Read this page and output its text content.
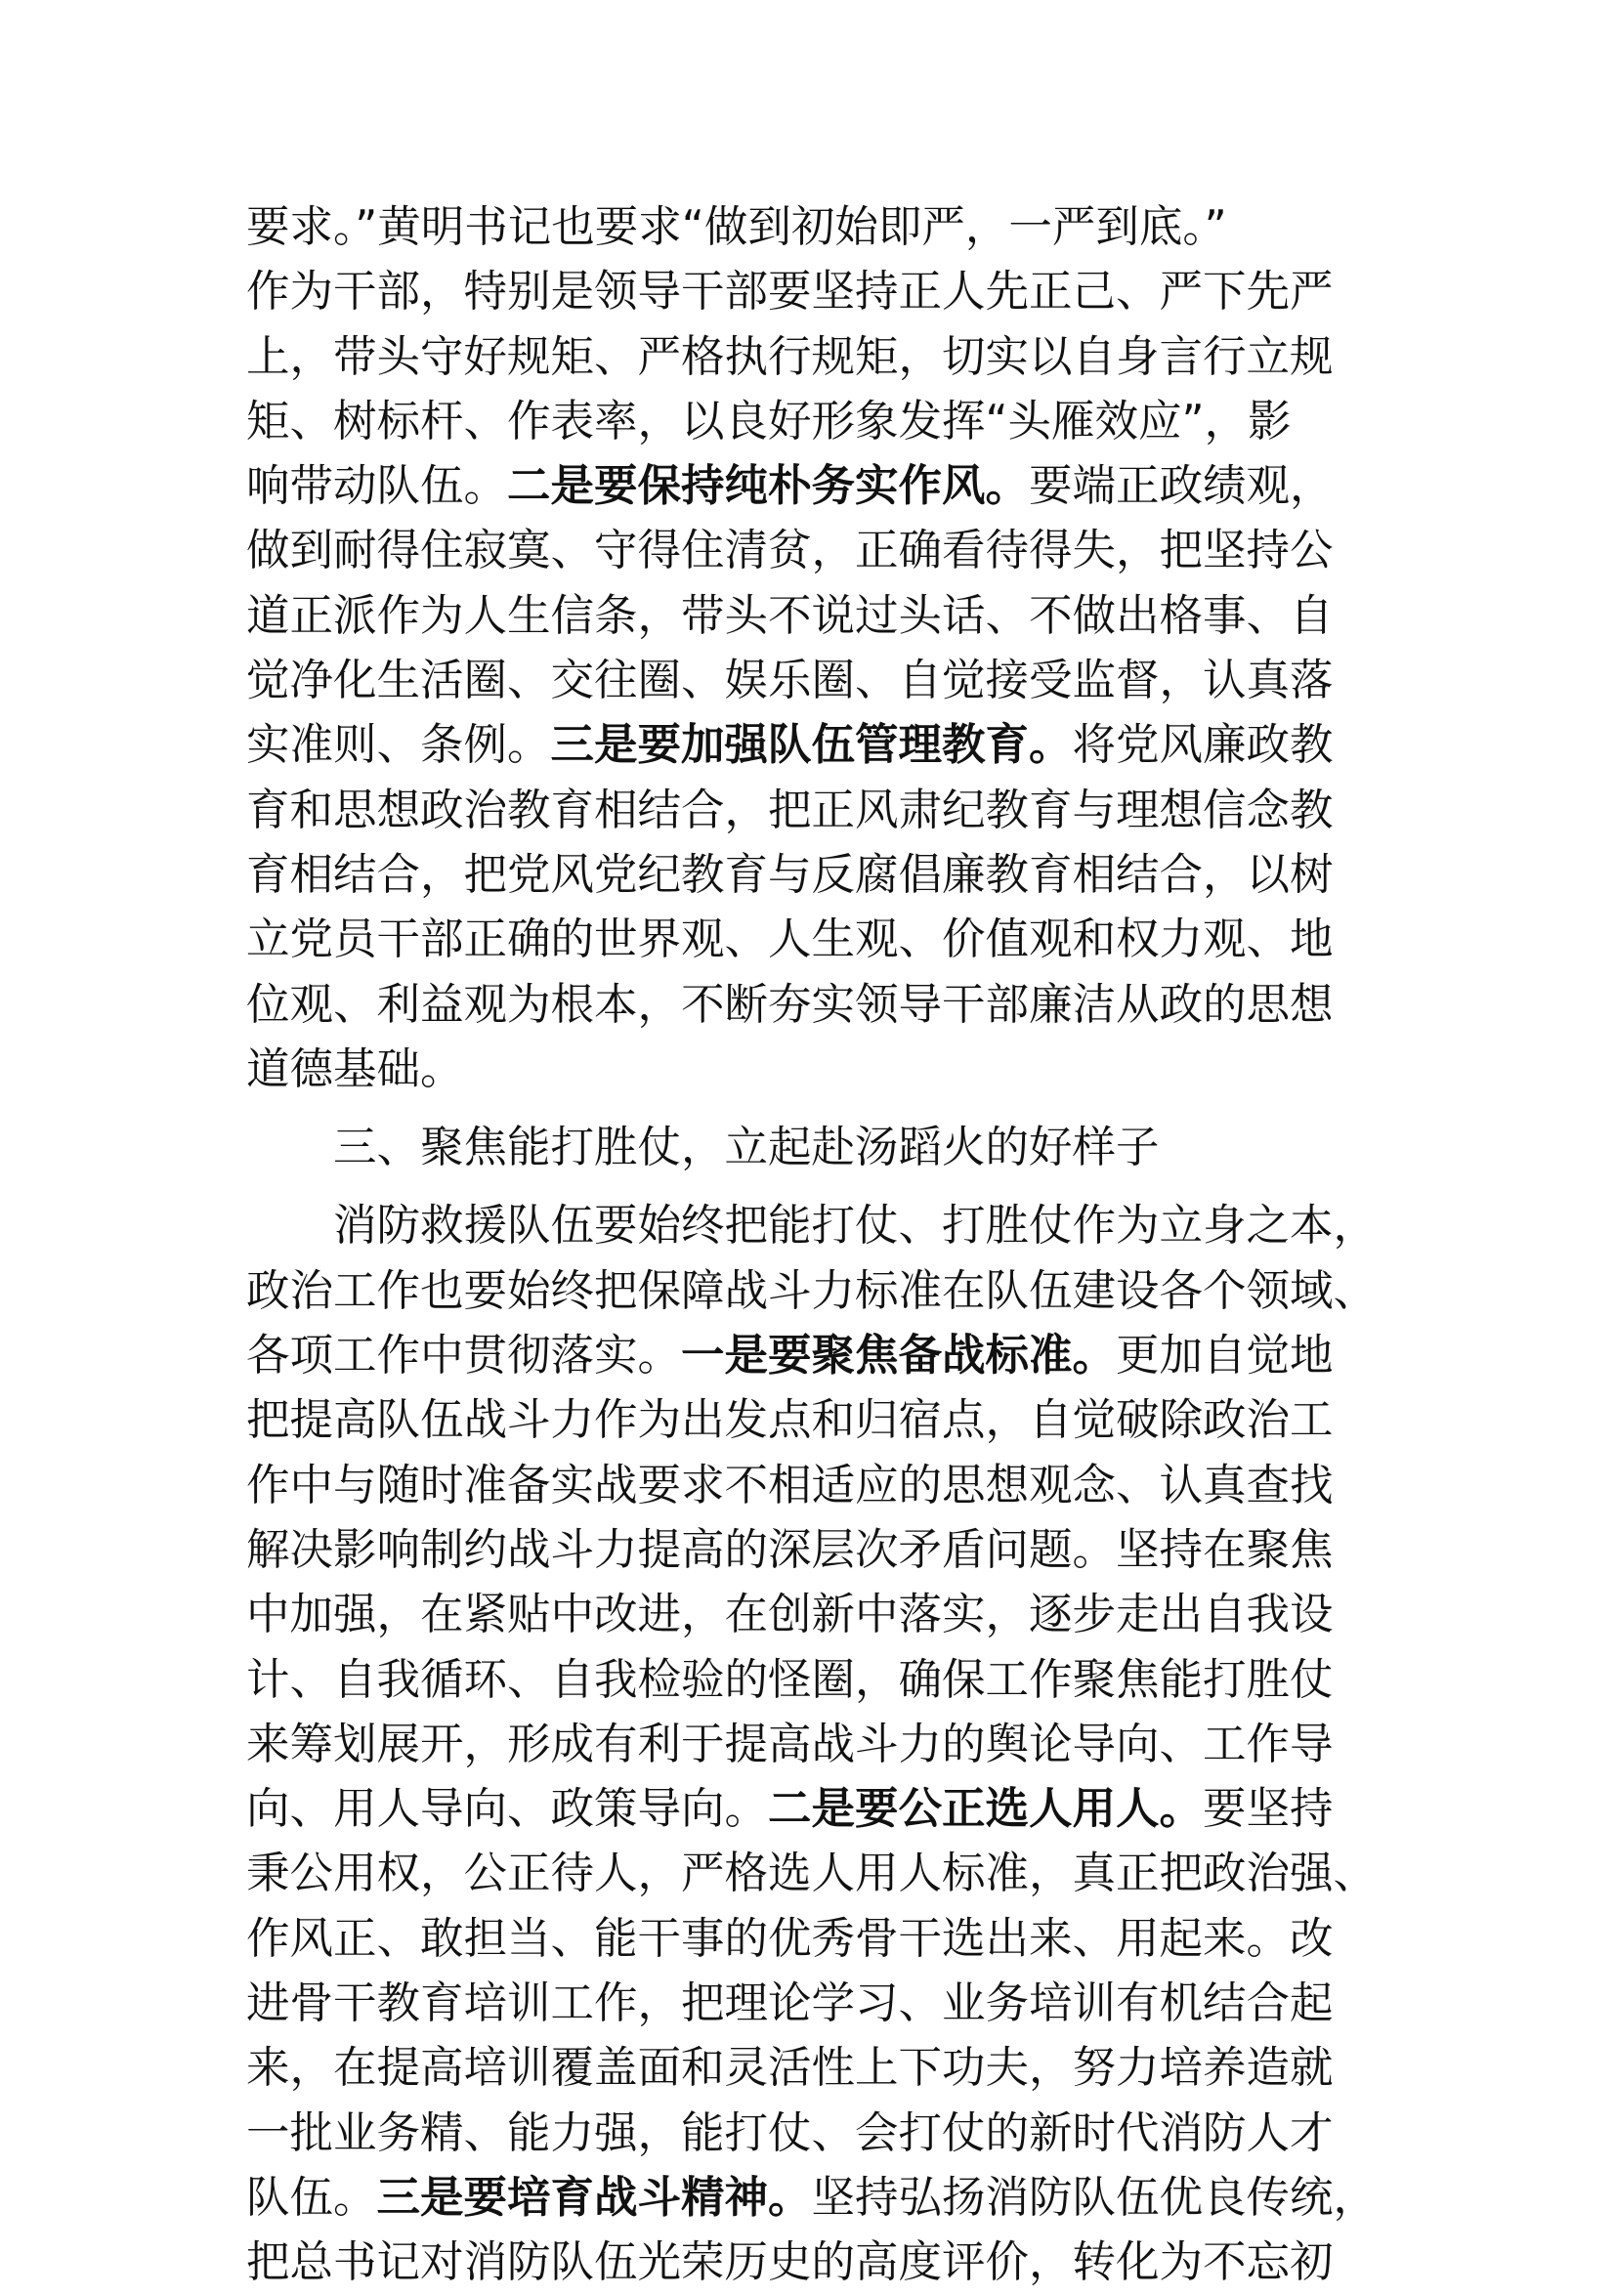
要求。”黄明书记也要求“做到初始即严，一严到底。”
作为干部，特别是领导干部要坚持正人先正己、严下先严
上，带头守好规矩、严格执行规矩，切实以自身言行立规
矩、树标杆、作表率，以良好形象发挥“头雁效应”，影
响带动队伍。二是要保持纯朴务实作风。要端正政绩观，
做到耐得住寂寞、守得住清贫，正确看待得失，把坚持公
道正派作为人生信条，带头不说过头话、不做出格事、自
觉净化生活圈、交往圈、娱乐圈、自觉接受监督，认真落
实准则、条例。三是要加强队伍管理教育。将党风廉政教
育和思想政治教育相结合，把正风肃纪教育与理想信念教
育相结合，把党风党纪教育与反腐倡廉教育相结合，以树
立党员干部正确的世界观、人生观、价值观和权力观、地
位观、利益观为根本，不断夯实领导干部廉洁从政的思想
道德基础。
三、聚焦能打胜仗，立起赴汤蹈火的好样子
消防救援队伍要始终把能打仗、打胜仗作为立身之本，
政治工作也要始终把保障战斗力标准在队伍建设各个领域、
各项工作中贯彻落实。一是要聚焦备战标准。更加自觉地
把提高队伍战斗力作为出发点和归宿点，自觉破除政治工
作中与随时准备实战要求不相适应的思想观念、认真查找
解决影响制约战斗力提高的深层次矛盾问题。坚持在聚焦
中加强，在紧贴中改进，在创新中落实，逐步走出自我设
计、自我循环、自我检验的怪圈，确保工作聚焦能打胜仗
来筹划展开，形成有利于提高战斗力的舆论导向、工作导
向、用人导向、政策导向。二是要公正选人用人。要坚持
秉公用权，公正待人，严格选人用人标准，真正把政治强、
作风正、敢担当、能干事的优秀骨干选出来、用起来。改
进骨干教育培训工作，把理论学习、业务培训有机结合起
来，在提高培训覆盖面和灵活性上下功夫，努力培养造就
一批业务精、能力强，能打仗、会打仗的新时代消防人才
队伍。三是要培育战斗精神。坚持弘扬消防队伍优良传统，
把总书记对消防队伍光荣历史的高度评价，转化为不忘初
